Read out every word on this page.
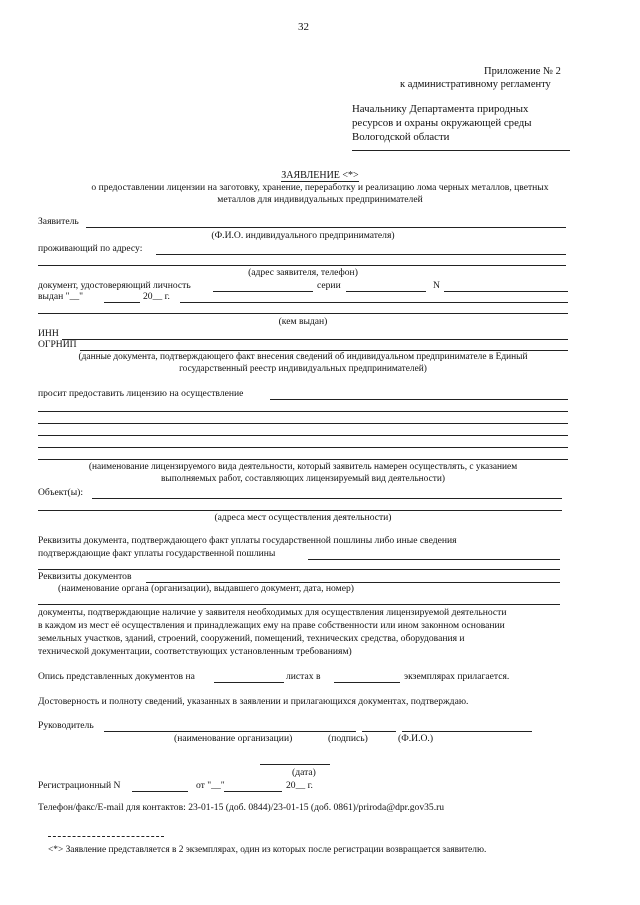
32
Приложение № 2
к административному регламенту
Начальнику Департамента природных
ресурсов и охраны окружающей среды
Вологодской области
ЗАЯВЛЕНИЕ <*>
о предоставлении лицензии на заготовку, хранение, переработку и реализацию лома черных металлов, цветных
металлов для индивидуальных предпринимателей
Заявитель
(Ф.И.О. индивидуального предпринимателя)
проживающий по адресу:
(адрес заявителя, телефон)
документ, удостоверяющий личность	серии	N
выдан "__"	20__ г.
(кем выдан)
ИНН
ОГРНИП
(данные документа, подтверждающего факт внесения сведений об индивидуальном предпринимателе в Единый
государственный реестр индивидуальных предпринимателей)
просит предоставить лицензию на осуществление
(наименование лицензируемого вида деятельности, который заявитель намерен осуществлять, с указанием
выполняемых работ, составляющих лицензируемый вид деятельности)
Объект(ы):
(адреса мест осуществления деятельности)
Реквизиты документа, подтверждающего факт уплаты государственной пошлины либо иные сведения
подтверждающие факт уплаты государственной пошлины
Реквизиты документов
(наименование органа (организации), выдавшего документ, дата, номер)
документы, подтверждающие наличие у заявителя необходимых для осуществления лицензируемой деятельности
в каждом из мест её осуществления и принадлежащих ему на праве собственности или ином законном основании
земельных участков, зданий, строений, сооружений, помещений, технических средства, оборудования и
технической документации, соответствующих установленным требованиям)
Опись представленных документов на	листах в	экземплярах прилагается.
Достоверность и полноту сведений, указанных в заявлении и прилагающихся документах, подтверждаю.
Руководитель
(наименование организации)	(подпись)	(Ф.И.О.)
(дата)
Регистрационный N	от "__"	20__ г.
Телефон/факс/E-mail для контактов: 23-01-15 (доб. 0844)/23-01-15 (доб. 0861)/priroda@dpr.gov35.ru
<*> Заявление представляется в 2 экземплярах, один из которых после регистрации возвращается заявителю.
